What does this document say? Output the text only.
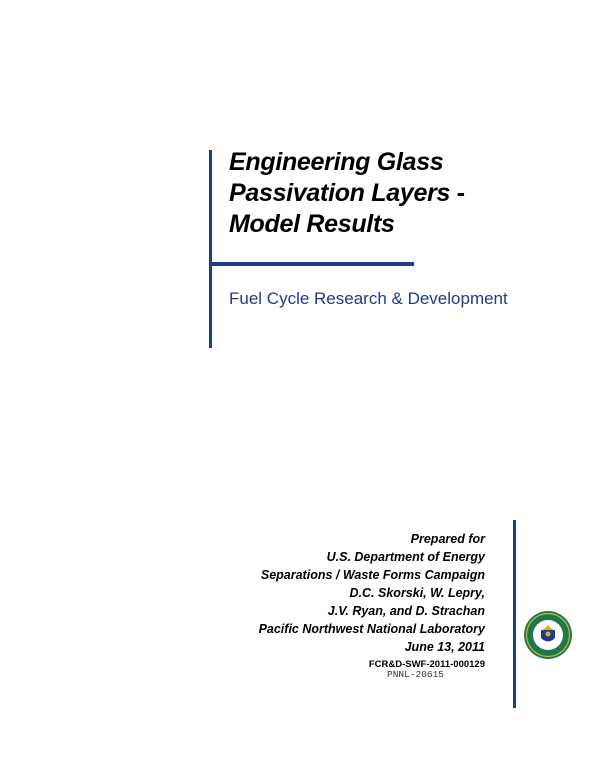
Engineering Glass
Passivation Layers -
Model Results
Fuel Cycle Research & Development
Prepared for
U.S. Department of Energy
Separations / Waste Forms Campaign
D.C. Skorski, W. Lepry,
J.V. Ryan, and D. Strachan
Pacific Northwest National Laboratory
June 13, 2011
FCR&D-SWF-2011-000129
PNNL-20615
